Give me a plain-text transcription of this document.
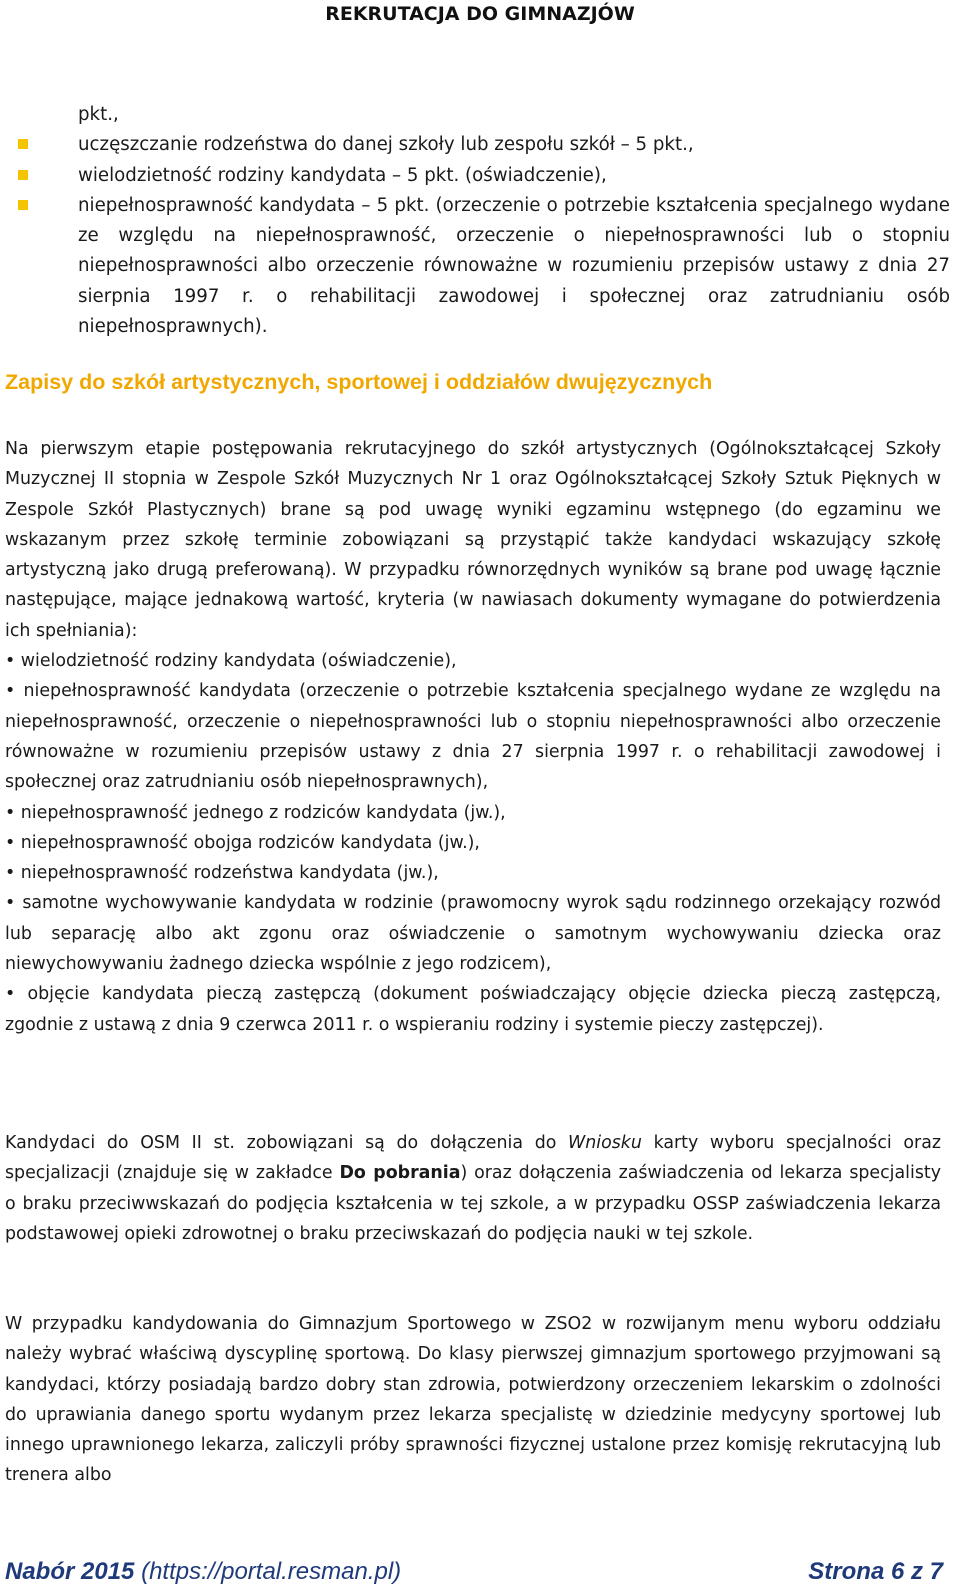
REKRUTACJA DO GIMNAZJÓW
pkt.,
uczęszczanie rodzeństwa do danej szkoły lub zespołu szkół – 5 pkt.,
wielodzietność rodziny kandydata – 5 pkt. (oświadczenie),
niepełnosprawność kandydata – 5 pkt. (orzeczenie o potrzebie kształcenia specjalnego wydane ze względu na niepełnosprawność, orzeczenie o niepełnosprawności lub o stopniu niepełnosprawności albo orzeczenie równoważne w rozumieniu przepisów ustawy z dnia 27 sierpnia 1997 r. o rehabilitacji zawodowej i społecznej oraz zatrudnianiu osób niepełnosprawnych).
Zapisy do szkół artystycznych, sportowej i oddziałów dwujęzycznych
Na pierwszym etapie postępowania rekrutacyjnego do szkół artystycznych (Ogólnokształcącej Szkoły Muzycznej II stopnia w Zespole Szkół Muzycznych Nr 1 oraz Ogólnokształcącej Szkoły Sztuk Pięknych w Zespole Szkół Plastycznych) brane są pod uwagę wyniki egzaminu wstępnego (do egzaminu we wskazanym przez szkołę terminie zobowiązani są przystąpić także kandydaci wskazujący szkołę artystyczną jako drugą preferowaną). W przypadku równorzędnych wyników są brane pod uwagę łącznie następujące, mające jednakową wartość, kryteria (w nawiasach dokumenty wymagane do potwierdzenia ich spełniania):
• wielodzietność rodziny kandydata (oświadczenie),
• niepełnosprawność kandydata (orzeczenie o potrzebie kształcenia specjalnego wydane ze względu na niepełnosprawność, orzeczenie o niepełnosprawności lub o stopniu niepełnosprawności albo orzeczenie równoważne w rozumieniu przepisów ustawy z dnia 27 sierpnia 1997 r. o rehabilitacji zawodowej i społecznej oraz zatrudnianiu osób niepełnosprawnych),
• niepełnosprawność jednego z rodziców kandydata (jw.),
• niepełnosprawność obojga rodziców kandydata (jw.),
• niepełnosprawność rodzeństwa kandydata (jw.),
• samotne wychowywanie kandydata w rodzinie (prawomocny wyrok sądu rodzinnego orzekający rozwód lub separację albo akt zgonu oraz oświadczenie o samotnym wychowywaniu dziecka oraz niewychowywaniu żadnego dziecka wspólnie z jego rodzicem),
• objęcie kandydata pieczą zastępczą (dokument poświadczający objęcie dziecka pieczą zastępczą, zgodnie z ustawą z dnia 9 czerwca 2011 r. o wspieraniu rodziny i systemie pieczy zastępczej).

Kandydaci do OSM II st. zobowiązani są do dołączenia do Wniosku karty wyboru specjalności oraz specjalizacji (znajduje się w zakładce Do pobrania) oraz dołączenia zaświadczenia od lekarza specjalisty o braku przeciwwskazań do podjęcia kształcenia w tej szkole, a w przypadku OSSP zaświadczenia lekarza podstawowej opieki zdrowotnej o braku przeciwskazań do podjęcia nauki w tej szkole.

W przypadku kandydowania do Gimnazjum Sportowego w ZSO2 w rozwijanym menu wyboru oddziału należy wybrać właściwą dyscyplinę sportową. Do klasy pierwszej gimnazjum sportowego przyjmowani są kandydaci, którzy posiadają bardzo dobry stan zdrowia, potwierdzony orzeczeniem lekarskim o zdolności do uprawiania danego sportu wydanym przez lekarza specjalistę w dziedzinie medycyny sportowej lub innego uprawnionego lekarza, zaliczyli próby sprawności fizycznej ustalone przez komisję rekrutacyjną lub trenera albo

Nabór 2015 (https://portal.resman.pl)	Strona 6 z 7
